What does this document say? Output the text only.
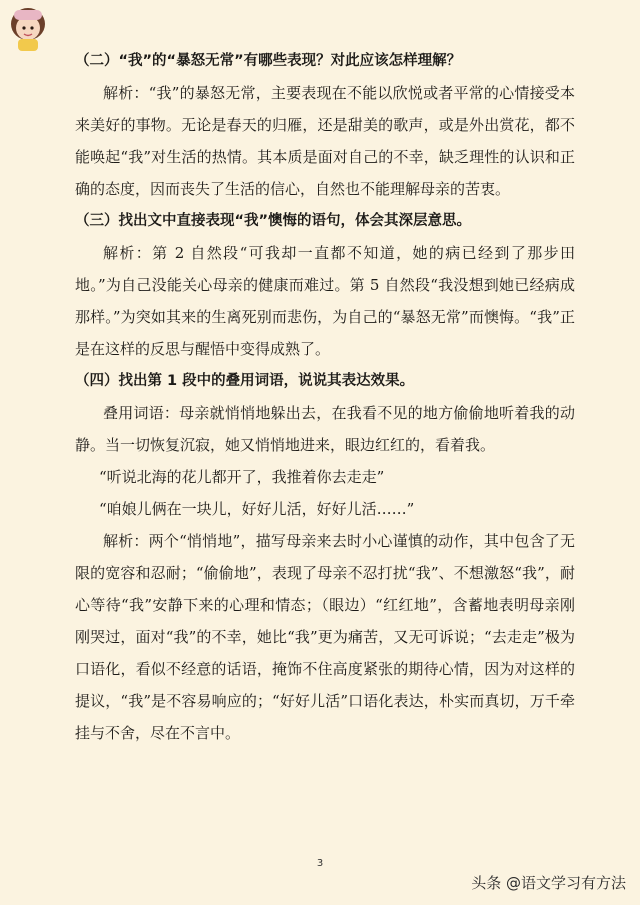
（二）“我”的“暴怒无常”有哪些表现？对此应该怎样理解？

解析：“我”的暴怒无常，主要表现在不能以欣悦或者平常的心情接受本来美好的事物。无论是春天的归雁，还是甜美的歌声，或是外出赏花，都不能唤起“我”对生活的热情。其本质是面对自己的不幸，缺乏理性的认识和正确的态度，因而丧失了生活的信心，自然也不能理解母亲的苦衷。

（三）找出文中直接表现“我”懊悔的语句，体会其深层意思。

解析：第 2 自然段“可我却一直都不知道，她的病已经到了那步田地。”为自己没能关心母亲的健康而难过。第 5 自然段“我没想到她已经病成那样。”为突如其来的生离死别而悲伤，为自己的“暴怒无常”而懊悔。“我”正是在这样的反思与醒悟中变得成熟了。

（四）找出第 1 段中的叠用词语，说说其表达效果。

叠用词语：母亲就悄悄地躲出去，在我看不见的地方偷偷地听着我的动静。当一切恢复沉寂，她又悄悄地进来，眼边红红的，看着我。

“听说北海的花儿都开了，我推着你去走走”

“咱娘儿俩在一块儿，好好儿活，好好儿活……”

解析：两个“悄悄地”，描写母亲来去时小心谨慎的动作，其中包含了无限的宽容和忍耐；“偷偷地”，表现了母亲不忍打扰“我”、不想激怒“我”，耐心等待“我”安静下来的心理和情态；（眼边）“红红地”，含蓄地表明母亲刚刚哭过，面对“我”的不幸，她比“我”更为痛苦，又无可诉说；“去走走”极为口语化，看似不经意的话语，掩饰不住高度紧张的期待心情，因为对这样的提议，“我”是不容易响应的；“好好儿活”口语化表达，朴实而真切，万千牵挂与不舍，尽在不言中。

3
头条 @语文学习有方法
